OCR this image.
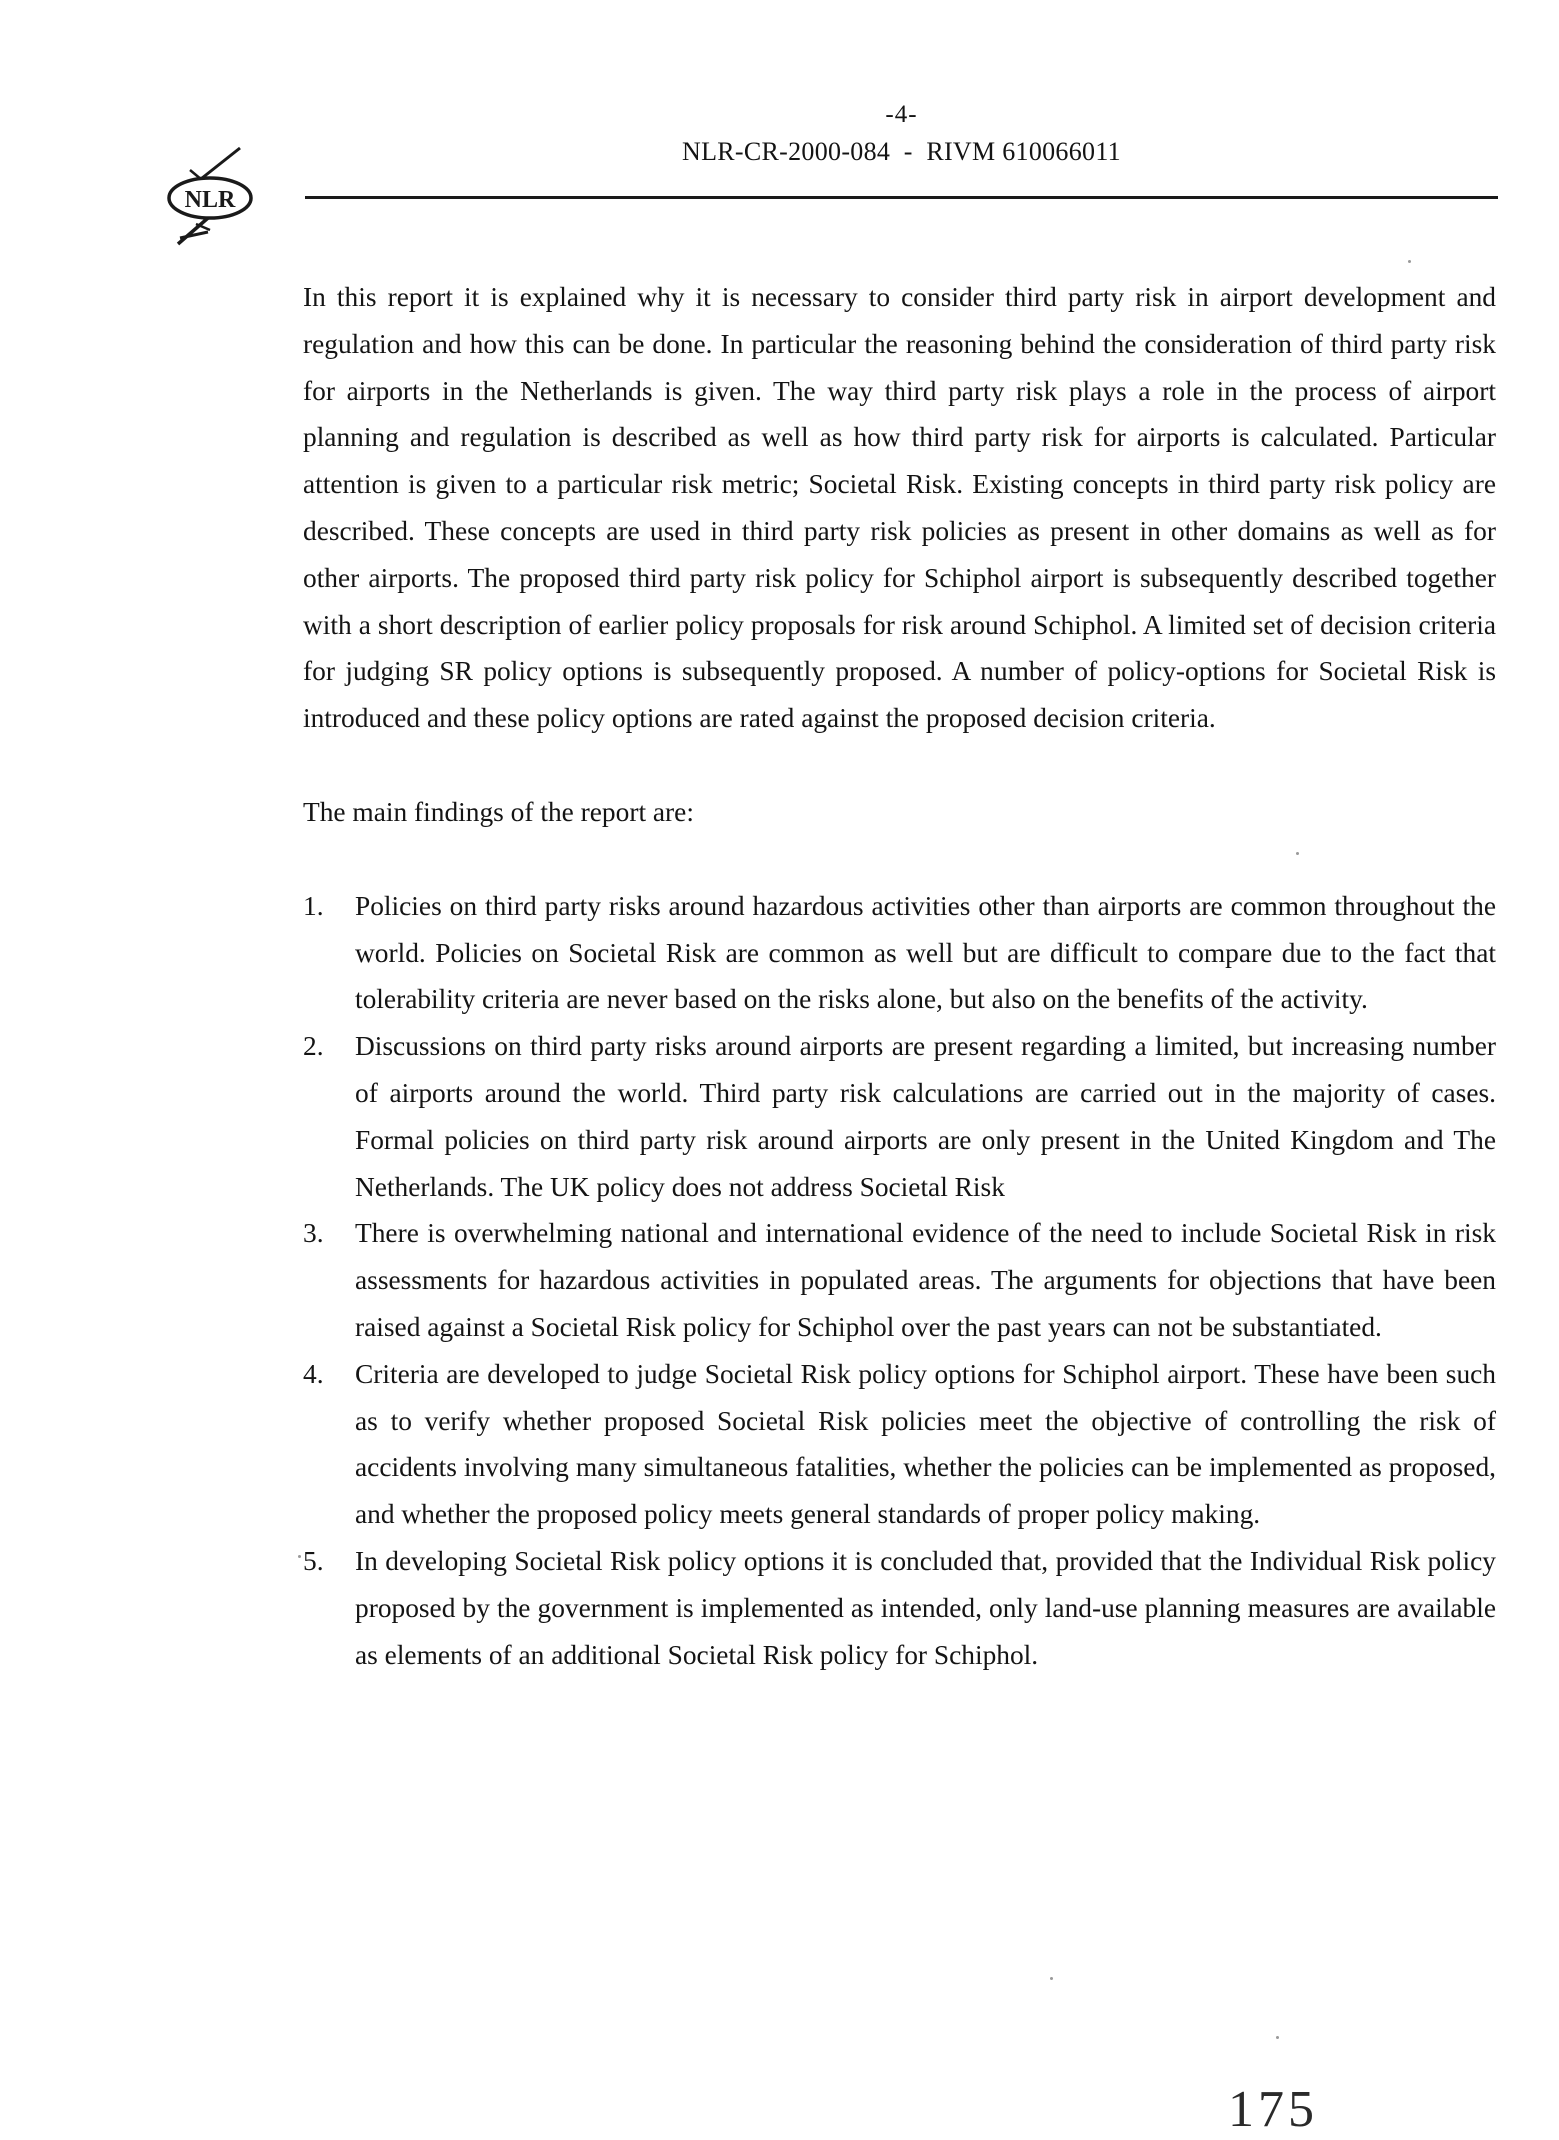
-4-
NLR-CR-2000-084  -  RIVM 610066011
NLR

In this report it is explained why it is necessary to consider third party risk in airport development and regulation and how this can be done. In particular the reasoning behind the consideration of third party risk for airports in the Netherlands is given. The way third party risk plays a role in the process of airport planning and regulation is described as well as how third party risk for airports is calculated. Particular attention is given to a particular risk metric; Societal Risk. Existing concepts in third party risk policy are described. These concepts are used in third party risk policies as present in other domains as well as for other airports. The proposed third party risk policy for Schiphol airport is subsequently described together with a short description of earlier policy proposals for risk around Schiphol. A limited set of decision criteria for judging SR policy options is subsequently proposed. A number of policy-options for Societal Risk is introduced and these policy options are rated against the proposed decision criteria.

The main findings of the report are:

1.	Policies on third party risks around hazardous activities other than airports are common throughout the world. Policies on Societal Risk are common as well but are difficult to compare due to the fact that tolerability criteria are never based on the risks alone, but also on the benefits of the activity.
2.	Discussions on third party risks around airports are present regarding a limited, but increasing number of airports around the world. Third party risk calculations are carried out in the majority of cases. Formal policies on third party risk around airports are only present in the United Kingdom and The Netherlands. The UK policy does not address Societal Risk
3.	There is overwhelming national and international evidence of the need to include Societal Risk in risk assessments for hazardous activities in populated areas. The arguments for objections that have been raised against a Societal Risk policy for Schiphol over the past years can not be substantiated.
4.	Criteria are developed to judge Societal Risk policy options for Schiphol airport. These have been such as to verify whether proposed Societal Risk policies meet the objective of controlling the risk of accidents involving many simultaneous fatalities, whether the policies can be implemented as proposed, and whether the proposed policy meets general standards of proper policy making.
5.	In developing Societal Risk policy options it is concluded that, provided that the Individual Risk policy proposed by the government is implemented as intended, only land-use planning measures are available as elements of an additional Societal Risk policy for Schiphol.
175
